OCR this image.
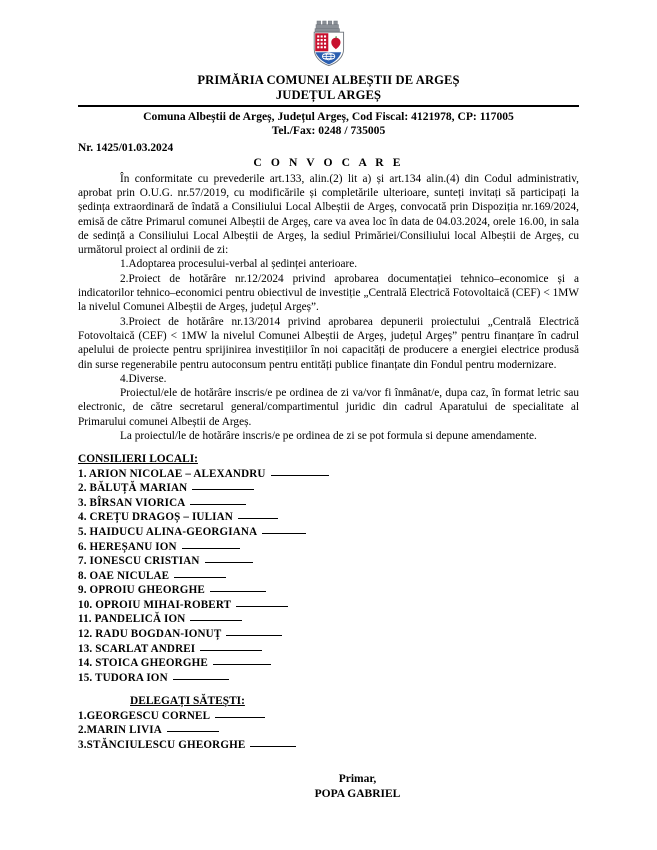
PRIMĂRIA COMUNEI ALBEȘTII DE ARGEȘ
JUDEȚUL ARGEȘ
Comuna Albeștii de Argeș, Județul Argeș, Cod Fiscal: 4121978, CP: 117005
Tel./Fax: 0248 / 735005
Nr. 1425/01.03.2024
C O N V O C A R E

În conformitate cu prevederile art.133, alin.(2) lit a) și art.134 alin.(4) din Codul administrativ, aprobat prin O.U.G. nr.57/2019, cu modificările și completările ulterioare, sunteți invitați să participați la ședința extraordinară de îndată a Consiliului Local Albeștii de Argeș, convocată prin Dispoziția nr.169/2024, emisă de către Primarul comunei Albeștii de Argeș, care va avea loc în data de 04.03.2024, orele 16.00, in sala de sedință a Consiliului Local Albeștii de Argeș, la sediul Primăriei/Consiliului local Albeștii de Argeș, cu următorul proiect al ordinii de zi:

1.Adoptarea procesului-verbal al ședinței anterioare.

2.Proiect de hotărâre nr.12/2024 privind aprobarea documentației tehnico–economice și a indicatorilor tehnico–economici pentru obiectivul de investiție „Centrală Electrică Fotovoltaică (CEF) < 1MW la nivelul Comunei Albeștii de Argeș, județul Argeș”.

3.Proiect de hotărâre nr.13/2014 privind aprobarea depunerii proiectului „Centrală Electrică Fotovoltaică (CEF) < 1MW la nivelul Comunei Albeștii de Argeș, județul Argeș” pentru finanțare în cadrul apelului de proiecte pentru sprijinirea investițiilor în noi capacități de producere a energiei electrice produsă din surse regenerabile pentru autoconsum pentru entități publice finanțate din Fondul pentru modernizare.

4.Diverse.

Proiectul/ele de hotărâre inscris/e pe ordinea de zi va/vor fi înmânat/e, dupa caz, în format letric sau electronic, de către secretarul general/compartimentul juridic din cadrul Aparatului de specialitate al Primarului comunei Albeștii de Argeș.

La proiectul/le de hotărâre inscris/e pe ordinea de zi se pot formula si depune amendamente.

CONSILIERI LOCALI:
1. ARION NICOLAE – ALEXANDRU
2. BĂLUȚĂ MARIAN
3. BÎRSAN VIORICA
4. CREȚU DRAGOȘ – IULIAN
5. HAIDUCU ALINA-GEORGIANA
6. HEREȘANU ION
7. IONESCU CRISTIAN
8. OAE NICULAE
9. OPROIU GHEORGHE
10. OPROIU MIHAI-ROBERT
11. PANDELICĂ ION
12. RADU BOGDAN-IONUȚ
13. SCARLAT ANDREI
14. STOICA GHEORGHE
15. TUDORA ION
DELEGAȚI SĂTEȘTI:
1.GEORGESCU CORNEL
2.MARIN LIVIA
3.STĂNCIULESCU GHEORGHE
Primar,
POPA GABRIEL
